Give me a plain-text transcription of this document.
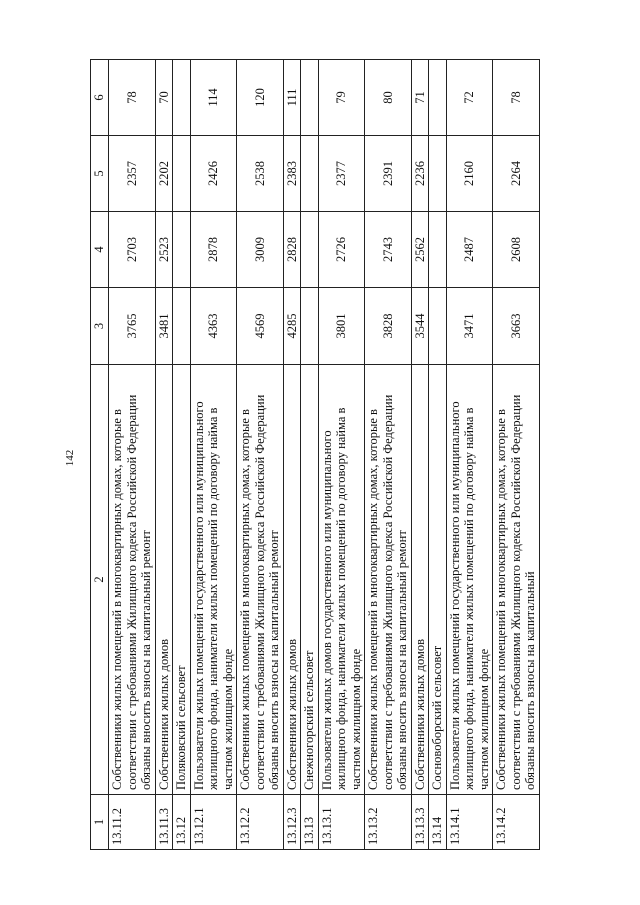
142
1	2	3	4	5	6
13.11.2	Собственники жилых помещений в многоквартирных домах, которые в соответствии с требованиями Жилищного кодекса Российской Федерации обязаны вносить взносы на капитальный ремонт	3765	2703	2357	78
13.11.3	Собственники жилых домов	3481	2523	2202	70
13.12	Поляковский сельсовет				
13.12.1	Пользователи жилых помещений государственного или муниципального жилищного фонда, наниматели жилых помещений по договору найма в частном жилищном фонде	4363	2878	2426	114
13.12.2	Собственники жилых помещений в многоквартирных домах, которые в соответствии с требованиями Жилищного кодекса Российской Федерации обязаны вносить взносы на капитальный ремонт	4569	3009	2538	120
13.12.3	Собственники жилых домов	4285	2828	2383	111
13.13	Снежногорский сельсовет				
13.13.1	Пользователи жилых домов государственного или муниципального жилищного фонда, наниматели жилых помещений по договору найма в частном жилищном фонде	3801	2726	2377	79
13.13.2	Собственники жилых помещений в многоквартирных домах, которые в соответствии с требованиями Жилищного кодекса Российской Федерации обязаны вносить взносы на капитальный ремонт	3828	2743	2391	80
13.13.3	Собственники жилых домов	3544	2562	2236	71
13.14	Сосновоборский сельсовет				
13.14.1	Пользователи жилых помещений государственного или муниципального жилищного фонда, наниматели жилых помещений по договору найма в частном жилищном фонде	3471	2487	2160	72
13.14.2	Собственники жилых помещений в многоквартирных домах, которые в соответствии с требованиями Жилищного кодекса Российской Федерации обязаны вносить взносы на капитальный	3663	2608	2264	78
